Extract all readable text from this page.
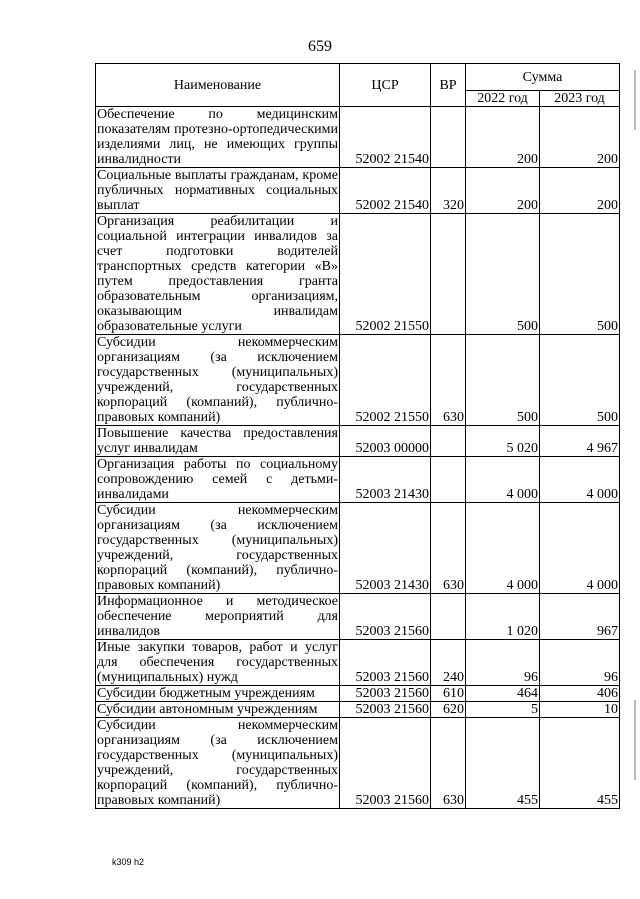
659
Наименование	ЦСР	ВР	Сумма	
			2022 год	2023 год
Обеспечение по медицинским показателям протезно-ортопедическими изделиями лиц, не имеющих группы инвалидности	52002 21540		200	200
Социальные выплаты гражданам, кроме публичных нормативных социальных выплат	52002 21540	320	200	200
Организация реабилитации и социальной интеграции инвалидов за счет подготовки водителей транспортных средств категории «В» путем предоставления гранта образовательным организациям, оказывающим инвалидам образовательные услуги	52002 21550		500	500
Субсидии некоммерческим организациям (за исключением государственных (муниципальных) учреждений, государственных корпораций (компаний), публично-правовых компаний)	52002 21550	630	500	500
Повышение качества предоставления услуг инвалидам	52003 00000		5 020	4 967
Организация работы по социальному сопровождению семей с детьми-инвалидами	52003 21430		4 000	4 000
Субсидии некоммерческим организациям (за исключением государственных (муниципальных) учреждений, государственных корпораций (компаний), публично-правовых компаний)	52003 21430	630	4 000	4 000
Информационное и методическое обеспечение мероприятий для инвалидов	52003 21560		1 020	967
Иные закупки товаров, работ и услуг для обеспечения государственных (муниципальных) нужд	52003 21560	240	96	96
Субсидии бюджетным учреждениям	52003 21560	610	464	406
Субсидии автономным учреждениям	52003 21560	620	5	10
Субсидии некоммерческим организациям (за исключением государственных (муниципальных) учреждений, государственных корпораций (компаний), публично-правовых компаний)	52003 21560	630	455	455
k309 h2
